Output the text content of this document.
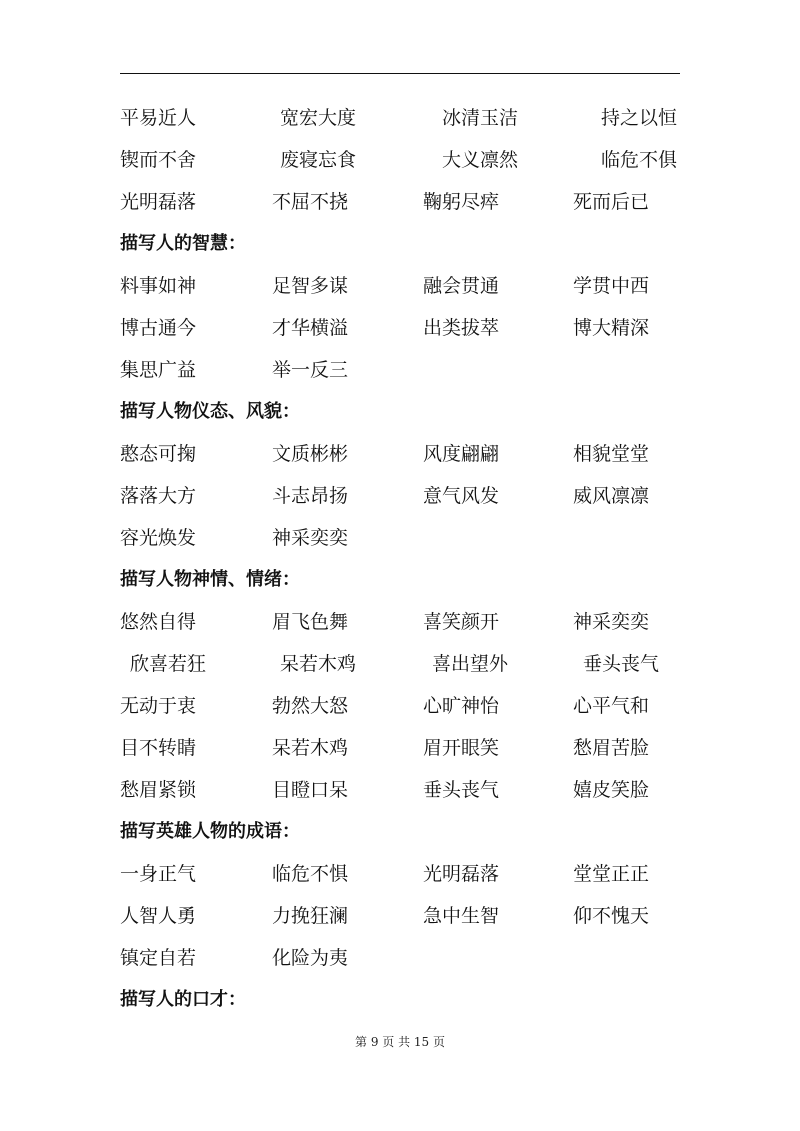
平易近人	宽宏大度	冰清玉洁	持之以恒
锲而不舍	废寝忘食	大义凛然	临危不俱
光明磊落	不屈不挠	鞠躬尽瘁	死而后已
描写人的智慧：
料事如神	足智多谋	融会贯通	学贯中西
博古通今	才华横溢	出类拔萃	博大精深
集思广益	举一反三
描写人物仪态、风貌：
憨态可掬	文质彬彬	风度翩翩	相貌堂堂
落落大方	斗志昂扬	意气风发	威风凛凛
容光焕发	神采奕奕
描写人物神情、情绪：
悠然自得	眉飞色舞	喜笑颜开	神采奕奕
欣喜若狂	呆若木鸡	喜出望外	垂头丧气
无动于衷	勃然大怒	心旷神怡	心平气和
目不转睛	呆若木鸡	眉开眼笑	愁眉苦脸
愁眉紧锁	目瞪口呆	垂头丧气	嬉皮笑脸
描写英雄人物的成语：
一身正气	临危不惧	光明磊落	堂堂正正
人智人勇	力挽狂澜	急中生智	仰不愧天
镇定自若	化险为夷
描写人的口才：
第 9 页 共 15 页
